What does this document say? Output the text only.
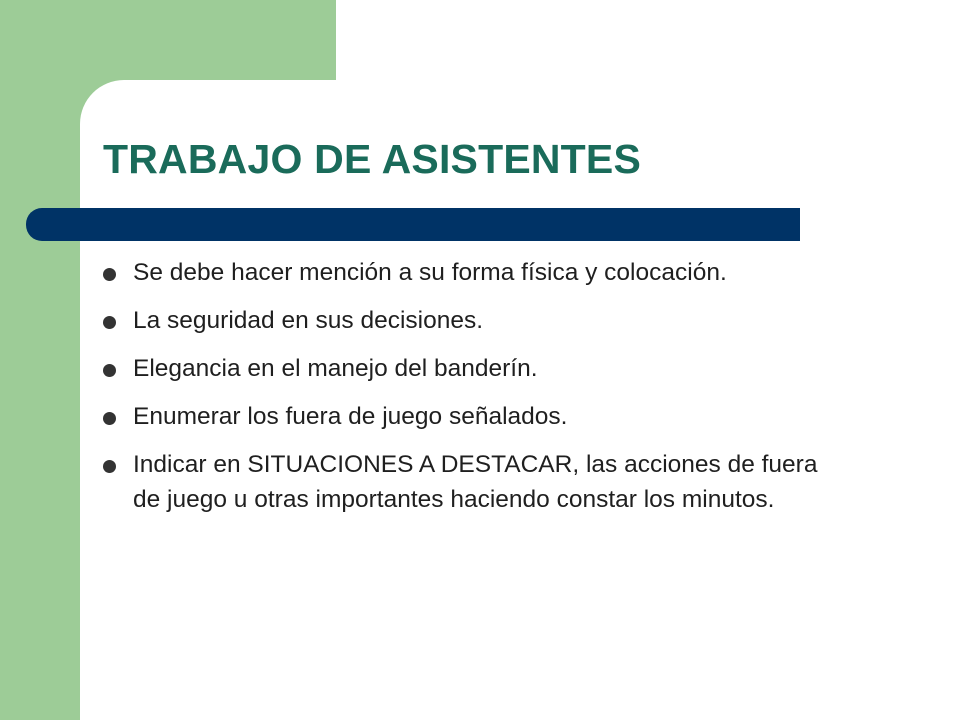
TRABAJO DE ASISTENTES
Se debe hacer mención a su forma física y colocación.
La seguridad en sus decisiones.
Elegancia en el manejo del banderín.
Enumerar los fuera de juego señalados.
Indicar en SITUACIONES A DESTACAR, las acciones de fuera de juego u otras importantes haciendo constar los minutos.
